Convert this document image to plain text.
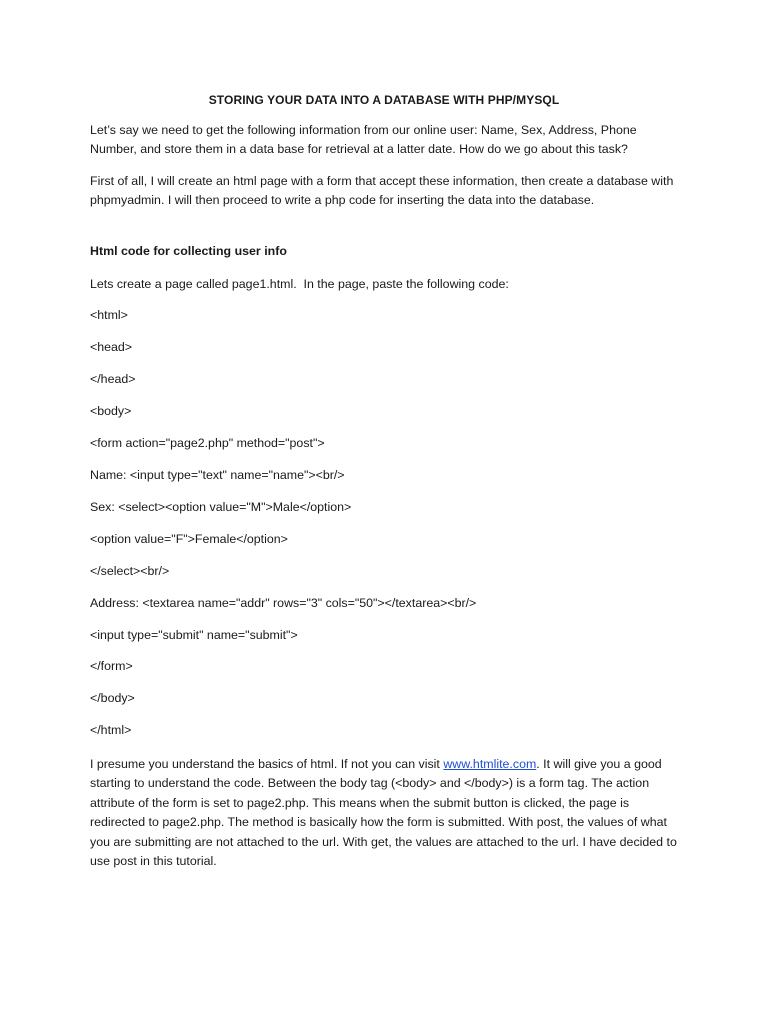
STORING YOUR DATA INTO A DATABASE WITH PHP/MYSQL
Let’s say we need to get the following information from our online user: Name, Sex, Address, Phone Number, and store them in a data base for retrieval at a latter date. How do we go about this task?
First of all, I will create an html page with a form that accept these information, then create a database with phpmyadmin. I will then proceed to write a php code for inserting the data into the database.
Html code for collecting user info
Lets create a page called page1.html.  In the page, paste the following code:
<html>
<head>
</head>
<body>
<form action="page2.php" method="post">
Name: <input type="text" name="name"><br/>
Sex: <select><option value="M">Male</option>
<option value="F">Female</option>
</select><br/>
Address: <textarea name="addr" rows="3" cols="50"></textarea><br/>
<input type="submit" name="submit">
</form>
</body>
</html>
I presume you understand the basics of html. If not you can visit www.htmlite.com. It will give you a good starting to understand the code. Between the body tag (<body> and </body>) is a form tag. The action attribute of the form is set to page2.php. This means when the submit button is clicked, the page is redirected to page2.php. The method is basically how the form is submitted. With post, the values of what you are submitting are not attached to the url. With get, the values are attached to the url. I have decided to use post in this tutorial.
